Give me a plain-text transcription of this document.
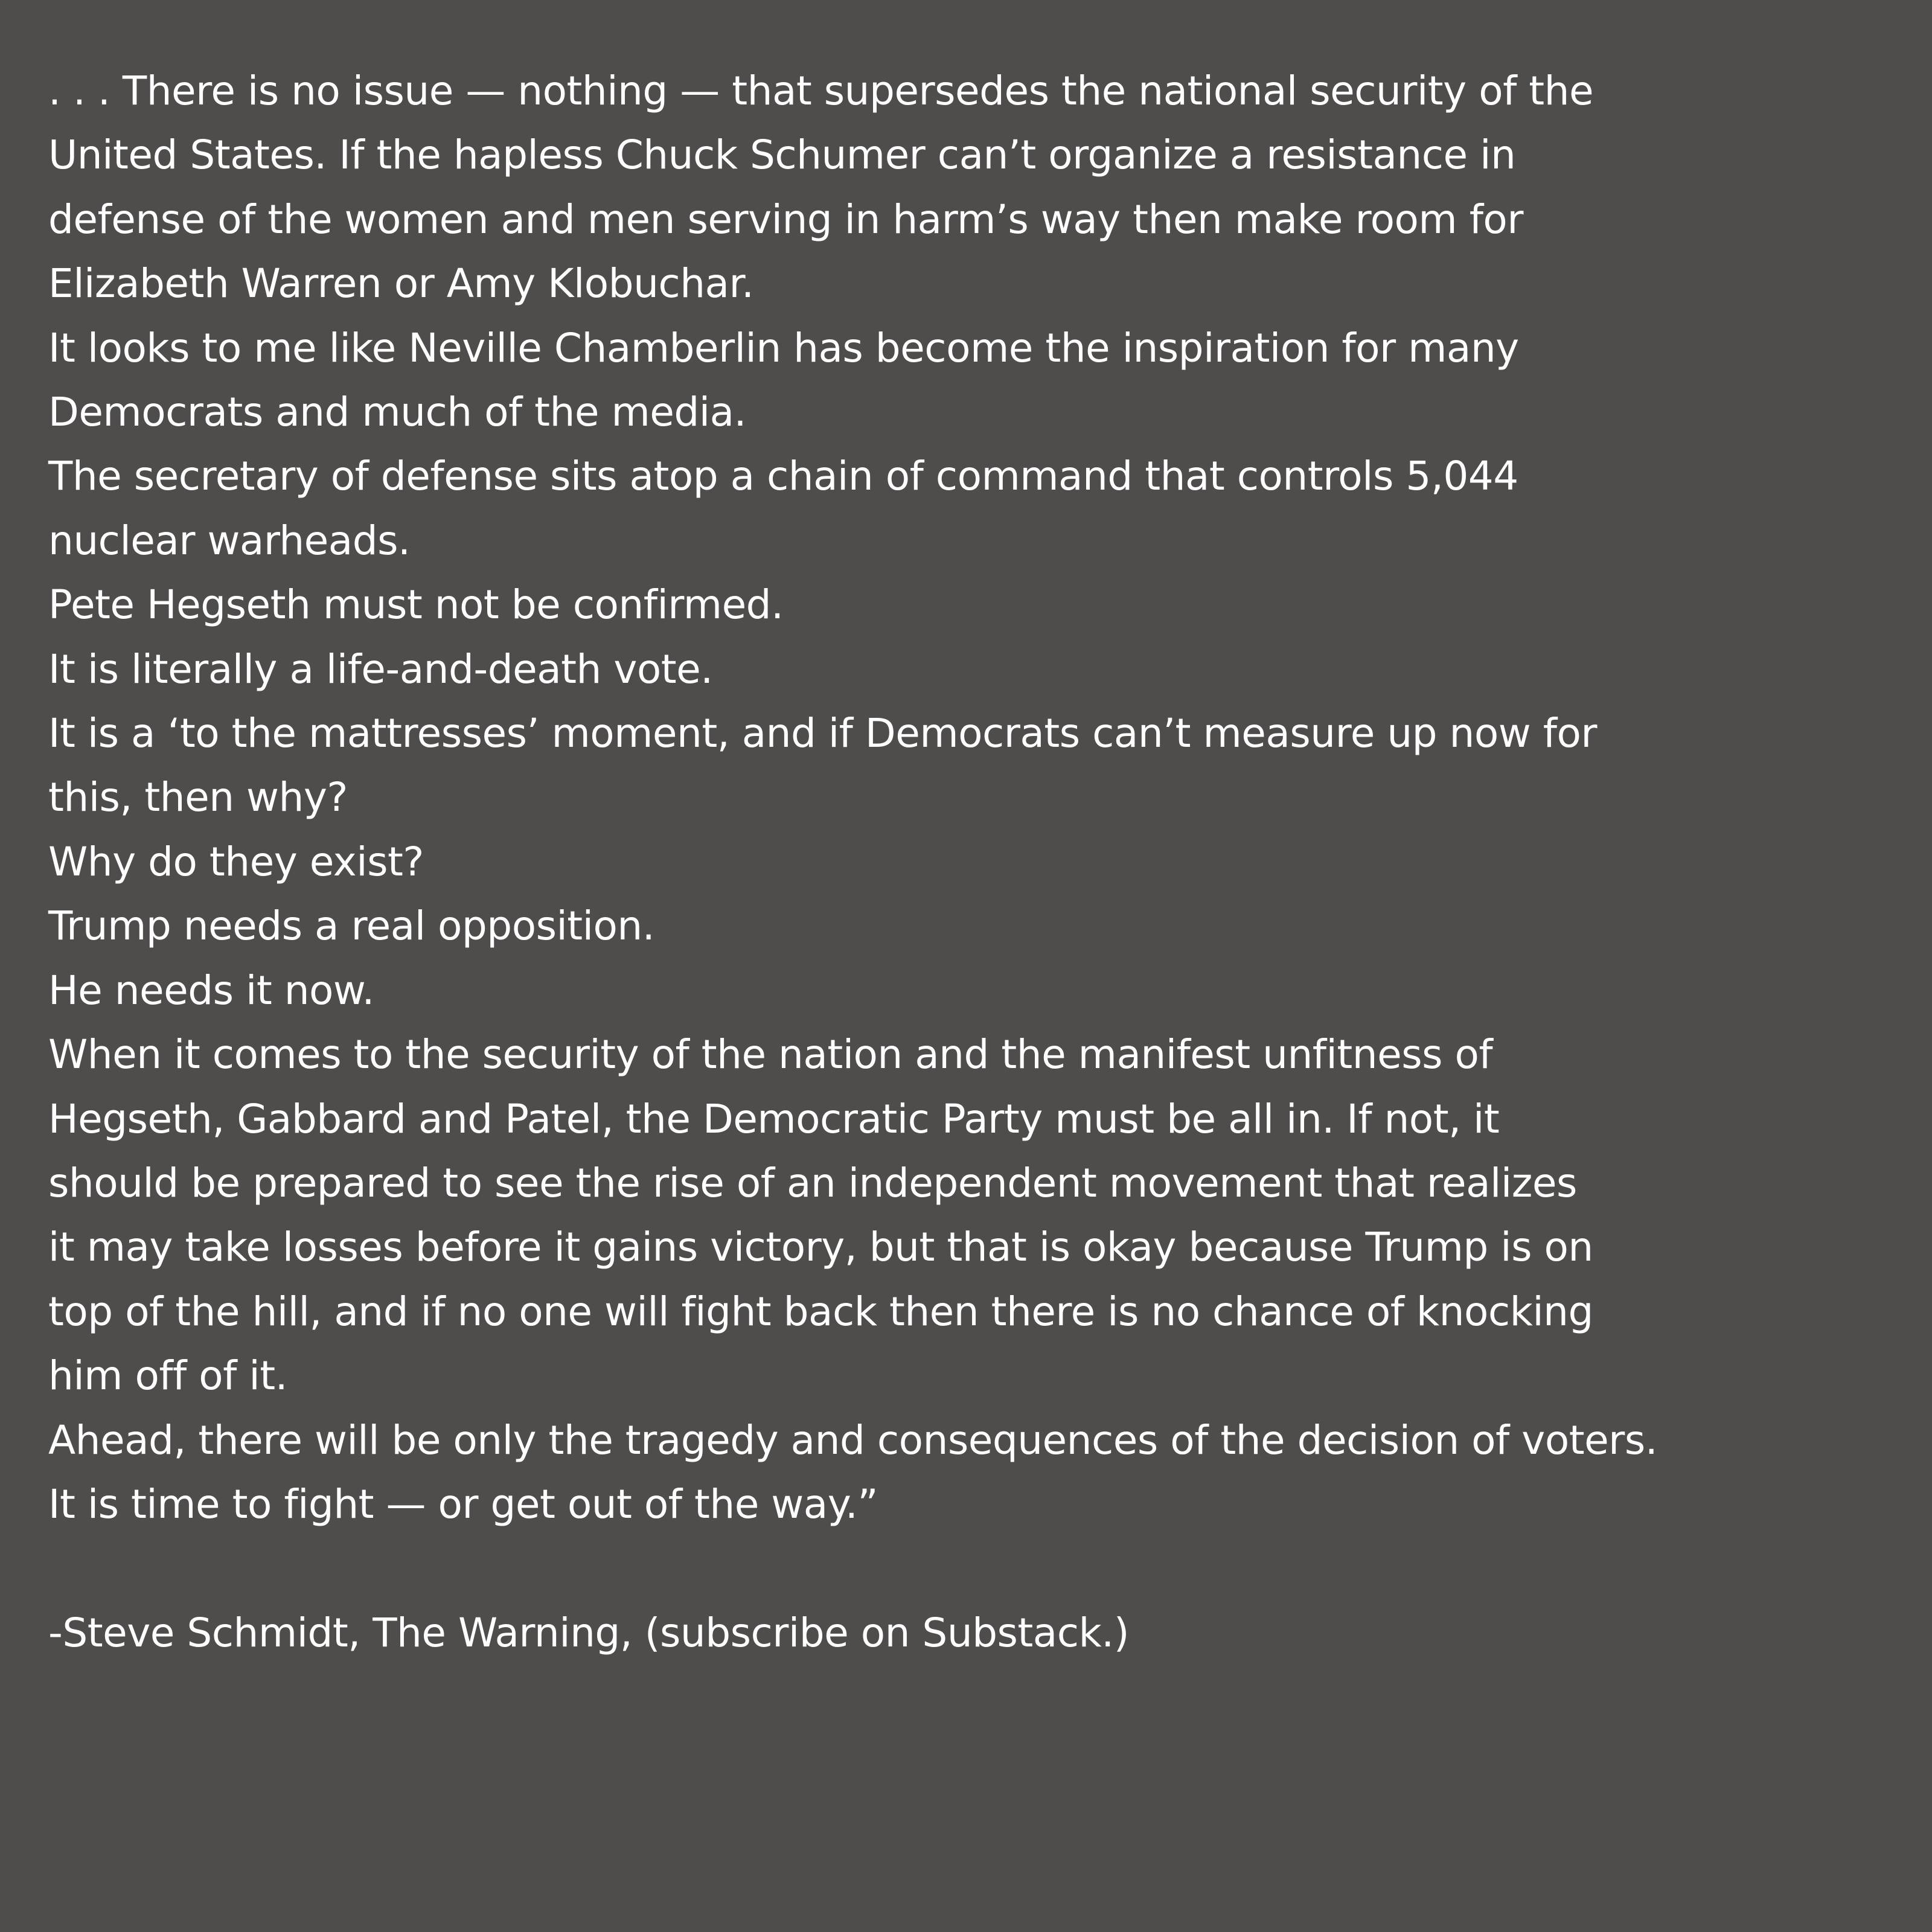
. . . There is no issue — nothing — that supersedes the national security of the
United States. If the hapless Chuck Schumer can’t organize a resistance in
defense of the women and men serving in harm’s way then make room for
Elizabeth Warren or Amy Klobuchar.
It looks to me like Neville Chamberlin has become the inspiration for many
Democrats and much of the media.
The secretary of defense sits atop a chain of command that controls 5,044
nuclear warheads.
Pete Hegseth must not be confirmed.
It is literally a life-and-death vote.
It is a ‘to the mattresses’ moment, and if Democrats can’t measure up now for
this, then why?
Why do they exist?
Trump needs a real opposition.
He needs it now.
When it comes to the security of the nation and the manifest unfitness of
Hegseth, Gabbard and Patel, the Democratic Party must be all in. If not, it
should be prepared to see the rise of an independent movement that realizes
it may take losses before it gains victory, but that is okay because Trump is on
top of the hill, and if no one will fight back then there is no chance of knocking
him off of it.
Ahead, there will be only the tragedy and consequences of the decision of voters.
It is time to fight — or get out of the way.”
-Steve Schmidt, The Warning, (subscribe on Substack.)
